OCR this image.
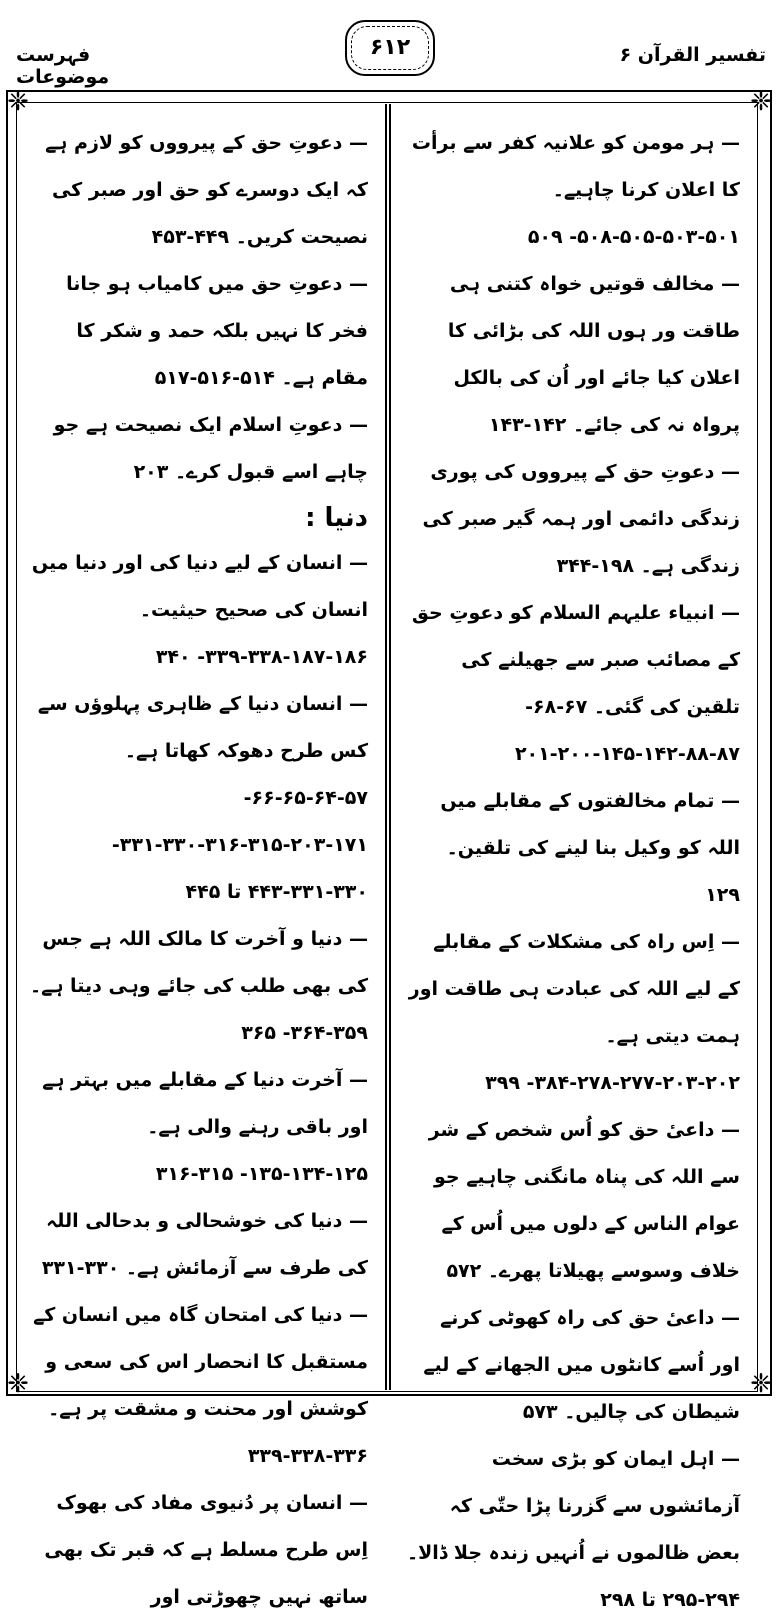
تفسیر القرآن ۶
۶۱۲
فہرست موضوعات
❈	❈
❈	❈
— ہر مومن کو علانیہ کفر سے برأت کا اعلان کرنا چاہیے۔ ۵۰۱-۵۰۳-۵۰۵-۵۰۸- ۵۰۹
— مخالف قوتیں خواہ کتنی ہی طاقت ور ہوں اللہ کی بڑائی کا اعلان کیا جائے اور اُن کی بالکل پرواہ نہ کی جائے۔ ۱۴۲-۱۴۳
— دعوتِ حق کے پیرووں کی پوری زندگی دائمی اور ہمہ گیر صبر کی زندگی ہے۔ ۱۹۸-۳۴۴
— انبیاء علیہم السلام کو دعوتِ حق کے مصائب صبر سے جھیلنے کی تلقین کی گئی۔ ۶۷-۶۸- ۸۷-۸۸-۱۴۲-۱۴۵-۲۰۰-۲۰۱
— تمام مخالفتوں کے مقابلے میں اللہ کو وکیل بنا لینے کی تلقین۔ ۱۲۹
— اِس راہ کی مشکلات کے مقابلے کے لیے اللہ کی عبادت ہی طاقت اور ہمت دیتی ہے۔ ۲۰۲-۲۰۳-۲۷۷-۲۷۸-۳۸۴- ۳۹۹
— داعیٔ حق کو اُس شخص کے شر سے اللہ کی پناہ مانگنی چاہیے جو عوام الناس کے دلوں میں اُس کے خلاف وسوسے پھیلاتا پھرے۔ ۵۷۲
— داعیٔ حق کی راہ کھوٹی کرنے اور اُسے کانٹوں میں الجھانے کے لیے شیطان کی چالیں۔ ۵۷۳
— اہل ایمان کو بڑی سخت آزمائشوں سے گزرنا پڑا حتّٰی کہ بعض ظالموں نے اُنہیں زندہ جلا ڈالا۔ ۲۹۴-۲۹۵ تا ۲۹۸
— دعوتِ حق کے پیرووں کو لازم ہے کہ ایک دوسرے کو حق اور صبر کی نصیحت کریں۔ ۴۴۹-۴۵۳
— دعوتِ حق میں کامیاب ہو جانا فخر کا نہیں بلکہ حمد و شکر کا مقام ہے۔ ۵۱۴-۵۱۶-۵۱۷
— دعوتِ اسلام ایک نصیحت ہے جو چاہے اسے قبول کرے۔ ۲۰۳
دنیا :
— انسان کے لیے دنیا کی اور دنیا میں انسان کی صحیح حیثیت۔ ۱۸۶-۱۸۷-۳۳۸-۳۳۹- ۳۴۰
— انسان دنیا کے ظاہری پہلوؤں سے کس طرح دھوکہ کھاتا ہے۔ ۵۷-۶۴-۶۵-۶۶- ۱۷۱-۲۰۳-۳۱۵-۳۱۶-۳۳۰-۳۳۱- ۳۳۰-۳۳۱-۴۴۳ تا ۴۴۵
— دنیا و آخرت کا مالک اللہ ہے جس کی بھی طلب کی جائے وہی دیتا ہے۔ ۳۵۹-۳۶۴- ۳۶۵
— آخرت دنیا کے مقابلے میں بہتر ہے اور باقی رہنے والی ہے۔ ۱۲۵-۱۳۴-۱۳۵- ۳۱۵-۳۱۶
— دنیا کی خوشحالی و بدحالی اللہ کی طرف سے آزمائش ہے۔ ۳۳۰-۳۳۱
— دنیا کی امتحان گاہ میں انسان کے مستقبل کا انحصار اس کی سعی و کوشش اور محنت و مشقت پر ہے۔ ۳۳۶-۳۳۸-۳۳۹
— انسان پر دُنیوی مفاد کی بھوک اِس طرح مسلط ہے کہ قبر تک بھی ساتھ نہیں چھوڑتی اور
